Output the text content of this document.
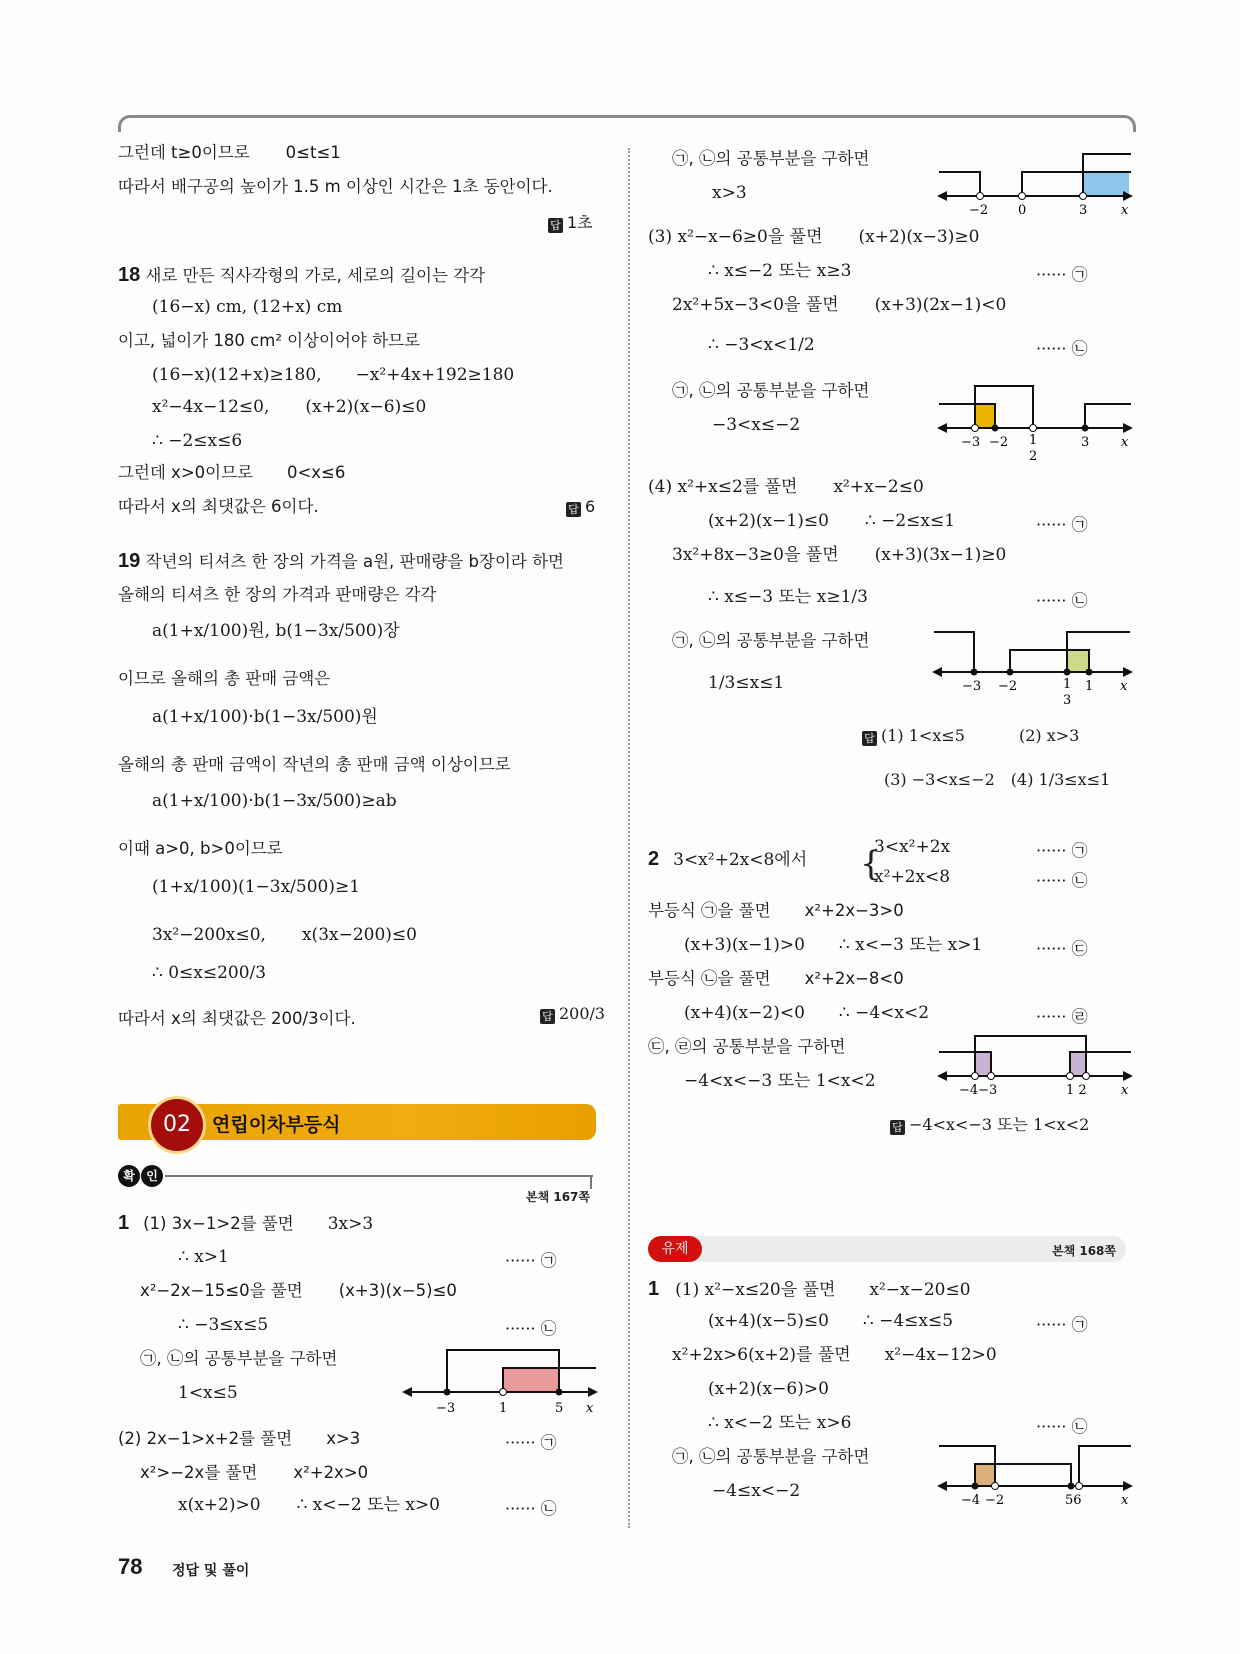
그런데 t≥0이므로 0≤t≤1
따라서 배구공의 높이가 1.5 m 이상인 시간은 1초 동안이다.
답 1초
18 새로 만든 직사각형의 가로, 세로의 길이는 각각
(16−x) cm, (12+x) cm
이고, 넓이가 180 cm² 이상이어야 하므로
(16−x)(12+x)≥180, −x²+4x+192≥180
x²−4x−12≤0, (x+2)(x−6)≤0
∴ −2≤x≤6
그런데 x>0이므로 0<x≤6
따라서 x의 최댓값은 6이다.	답 6
19 작년의 티셔츠 한 장의 가격을 a원, 판매량을 b장이라 하면
올해의 티셔츠 한 장의 가격과 판매량은 각각
a(1+x/100)원, b(1−3x/500)장
이므로 올해의 총 판매 금액은
a(1+x/100)·b(1−3x/500)원
올해의 총 판매 금액이 작년의 총 판매 금액 이상이므로
a(1+x/100)·b(1−3x/500)≥ab
이때 a>0, b>0이므로
(1+x/100)(1−3x/500)≥1
3x²−200x≤0, x(3x−200)≤0
∴ 0≤x≤200/3
따라서 x의 최댓값은 200/3이다.	답 200/3
02	연립이차부등식
확 인
본책 167쪽
1 (1) 3x−1>2를 풀면 3x>3
∴ x>1	······ ㉠
x²−2x−15≤0을 풀면 (x+3)(x−5)≤0
∴ −3≤x≤5	······ ㉡
㉠, ㉡의 공통부분을 구하면
1<x≤5
−3	1	5 x
(2) 2x−1>x+2를 풀면 x>3	······ ㉠
x²>−2x를 풀면 x²+2x>0
x(x+2)>0 ∴ x<−2 또는 x>0	······ ㉡
㉠, ㉡의 공통부분을 구하면
x>3
−2 0	3	x
(3) x²−x−6≥0을 풀면 (x+2)(x−3)≥0
∴ x≤−2 또는 x≥3	······ ㉠
2x²+5x−3<0을 풀면 (x+3)(2x−1)<0
∴ −3<x<1/2	······ ㉡
㉠, ㉡의 공통부분을 구하면
−3<x≤−2
−3 −2 1
2
3 x
(4) x²+x≤2를 풀면 x²+x−2≤0
(x+2)(x−1)≤0 ∴ −2≤x≤1	······ ㉠
3x²+8x−3≥0을 풀면 (x+3)(3x−1)≥0
∴ x≤−3 또는 x≥1/3	······ ㉡
㉠, ㉡의 공통부분을 구하면
1/3≤x≤1	−3 −2	1
3
1 x
답 (1) 1<x≤5	(2) x>3
(3) −3<x≤−2 (4) 1/3≤x≤1
2 3<x²+2x<8에서 {
3<x²+2x
x²+2x<8
······ ㉠
······ ㉡
부등식 ㉠을 풀면 x²+2x−3>0
(x+3)(x−1)>0 ∴ x<−3 또는 x>1	······ ㉢
부등식 ㉡을 풀면 x²+2x−8<0
(x+4)(x−2)<0 ∴ −4<x<2	······ ㉣
㉢, ㉣의 공통부분을 구하면
−4<x<−3 또는 1<x<2	−4−3	1 2	x
답 −4<x<−3 또는 1<x<2
유제	본책 168쪽
1 (1) x²−x≤20을 풀면 x²−x−20≤0
(x+4)(x−5)≤0 ∴ −4≤x≤5	······ ㉠
x²+2x>6(x+2)를 풀면 x²−4x−12>0
(x+2)(x−6)>0
∴ x<−2 또는 x>6	······ ㉡
㉠, ㉡의 공통부분을 구하면
−4≤x<−2	−4 −2	56	x
78 정답 및 풀이
